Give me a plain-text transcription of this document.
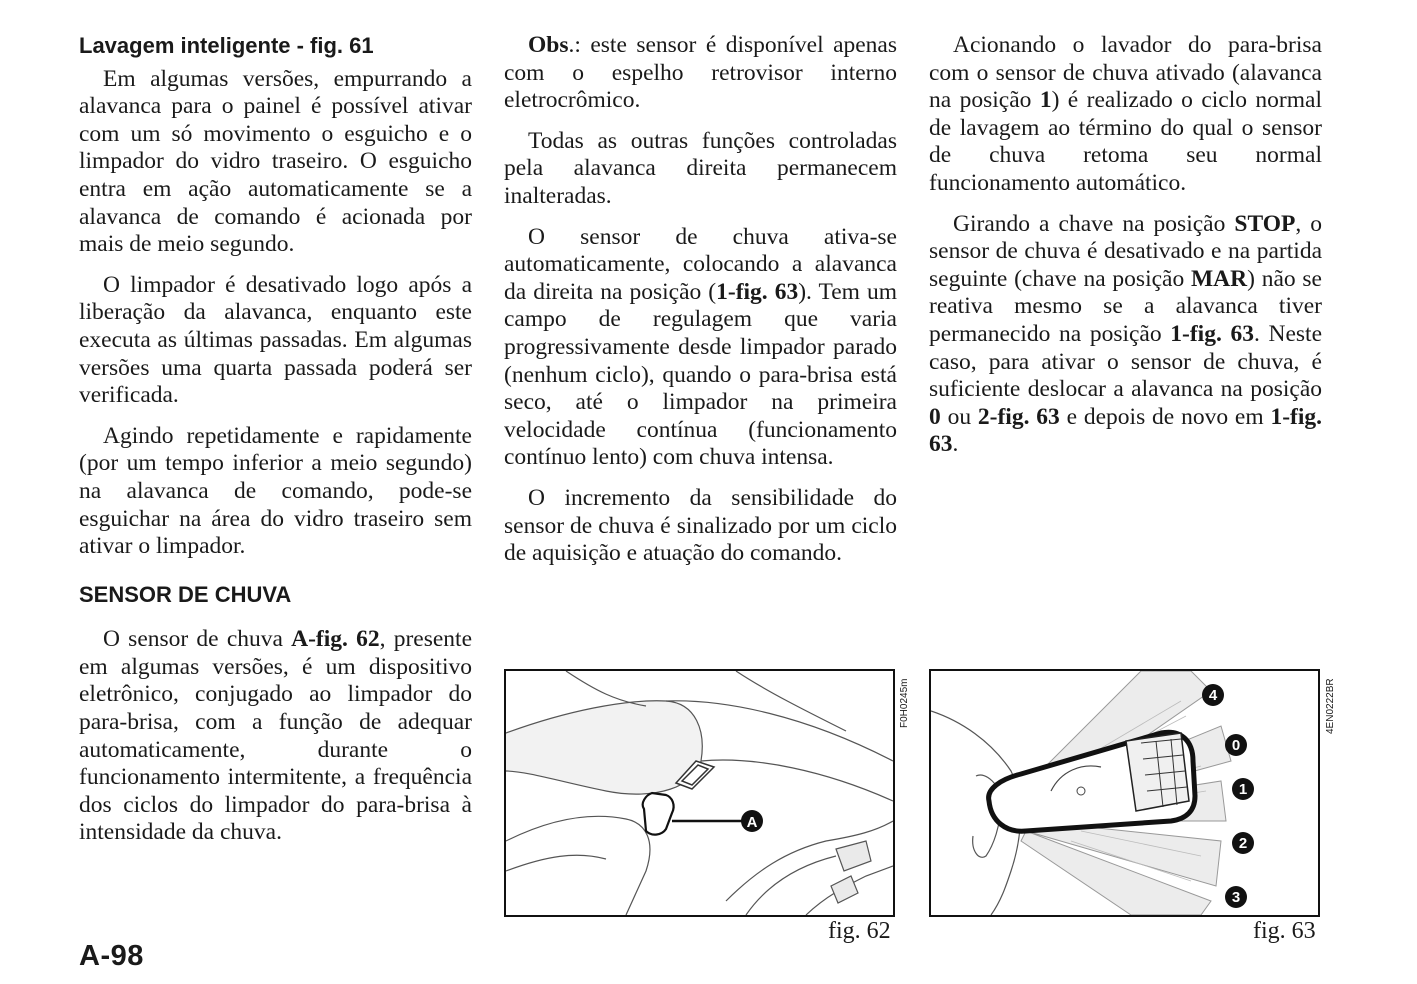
Lavagem inteligente - fig. 61

Em algumas versões, empurrando a alavanca para o painel é possível ativar com um só movimento o esguicho e o limpador do vidro traseiro. O esguicho entra em ação automaticamente se a alavanca de comando é acionada por mais de meio segundo.

O limpador é desativado logo após a liberação da alavanca, enquanto este executa as últimas passadas. Em algumas versões uma quarta passada poderá ser verificada.

Agindo repetidamente e rapidamente (por um tempo inferior a meio segundo) na alavanca de comando, pode-se esguichar na área do vidro traseiro sem ativar o limpador.

SENSOR DE CHUVA

O sensor de chuva A-fig. 62, presente em algumas versões, é um dispositivo eletrônico, conjugado ao limpador do para-brisa, com a função de adequar automaticamente, durante o funcionamento intermitente, a frequência dos ciclos do limpador do para-brisa à intensidade da chuva.

Obs.: este sensor é disponível apenas com o espelho retrovisor interno eletrocrômico.

Todas as outras funções controladas pela alavanca direita permanecem inalteradas.

O sensor de chuva ativa-se automaticamente, colocando a alavanca da direita na posição (1-fig. 63). Tem um campo de regulagem que varia progressivamente desde limpador parado (nenhum ciclo), quando o para-brisa está seco, até o limpador na primeira velocidade contínua (funcionamento contínuo lento) com chuva intensa.

O incremento da sensibilidade do sensor de chuva é sinalizado por um ciclo de aquisição e atuação do comando.

Acionando o lavador do para-brisa com o sensor de chuva ativado (alavanca na posição 1) é realizado o ciclo normal de lavagem ao término do qual o sensor de chuva retoma seu normal funcionamento automático.

Girando a chave na posição STOP, o sensor de chuva é desativado e na partida seguinte (chave na posição MAR) não se reativa mesmo se a alavanca tiver permanecido na posição 1-fig. 63. Neste caso, para ativar o sensor de chuva, é suficiente deslocar a alavanca na posição 0 ou 2-fig. 63 e depois de novo em 1-fig. 63.

A
F0H0245m
fig. 62
4
0
1
2
3
4EN0222BR
fig. 63
A-98
